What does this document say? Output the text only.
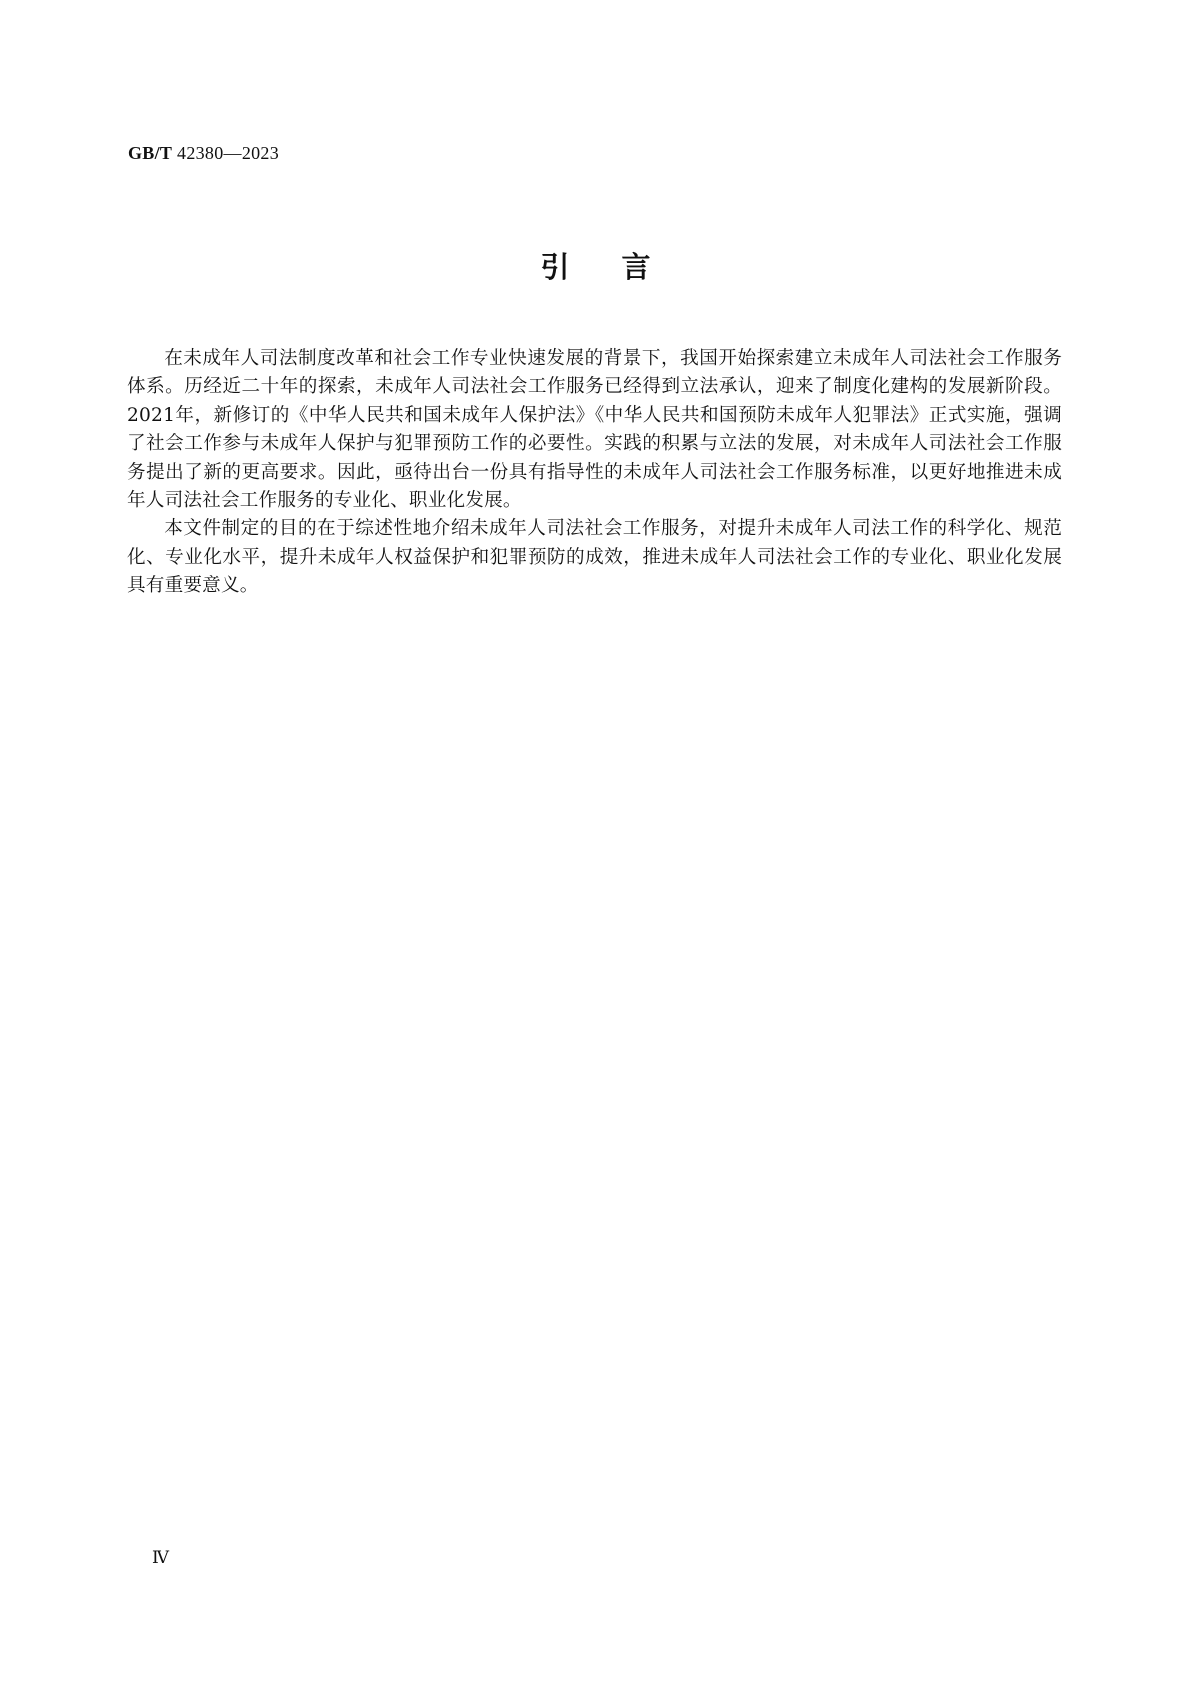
GB/T 42380—2023
引言

在未成年人司法制度改革和社会工作专业快速发展的背景下，我国开始探索建立未成年人司法社会工作服务体系。历经近二十年的探索，未成年人司法社会工作服务已经得到立法承认，迎来了制度化建构的发展新阶段。2021年，新修订的《中华人民共和国未成年人保护法》《中华人民共和国预防未成年人犯罪法》正式实施，强调了社会工作参与未成年人保护与犯罪预防工作的必要性。实践的积累与立法的发展，对未成年人司法社会工作服务提出了新的更高要求。因此，亟待出台一份具有指导性的未成年人司法社会工作服务标准，以更好地推进未成年人司法社会工作服务的专业化、职业化发展。

本文件制定的目的在于综述性地介绍未成年人司法社会工作服务，对提升未成年人司法工作的科学化、规范化、专业化水平，提升未成年人权益保护和犯罪预防的成效，推进未成年人司法社会工作的专业化、职业化发展具有重要意义。

Ⅳ
